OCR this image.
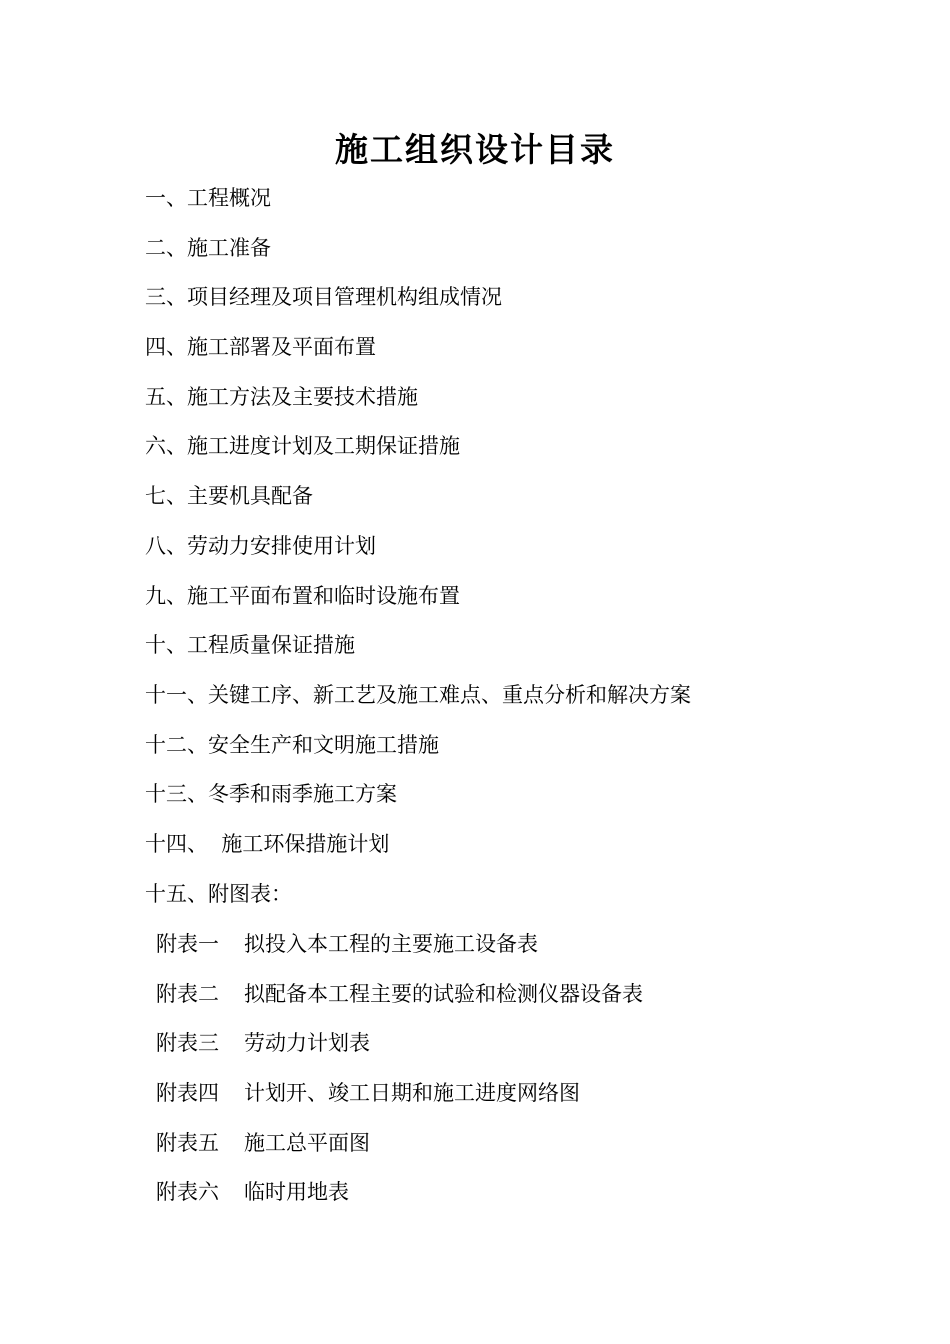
施工组织设计目录
一、工程概况
二、施工准备
三、项目经理及项目管理机构组成情况
四、施工部署及平面布置
五、施工方法及主要技术措施
六、施工进度计划及工期保证措施
七、主要机具配备
八、劳动力安排使用计划
九、施工平面布置和临时设施布置
十、工程质量保证措施
十一、关键工序、新工艺及施工难点、重点分析和解决方案
十二、安全生产和文明施工措施
十三、冬季和雨季施工方案
十四、  施工环保措施计划
十五、附图表：
附表一 拟投入本工程的主要施工设备表
附表二 拟配备本工程主要的试验和检测仪器设备表
附表三 劳动力计划表
附表四 计划开、竣工日期和施工进度网络图
附表五 施工总平面图
附表六 临时用地表
